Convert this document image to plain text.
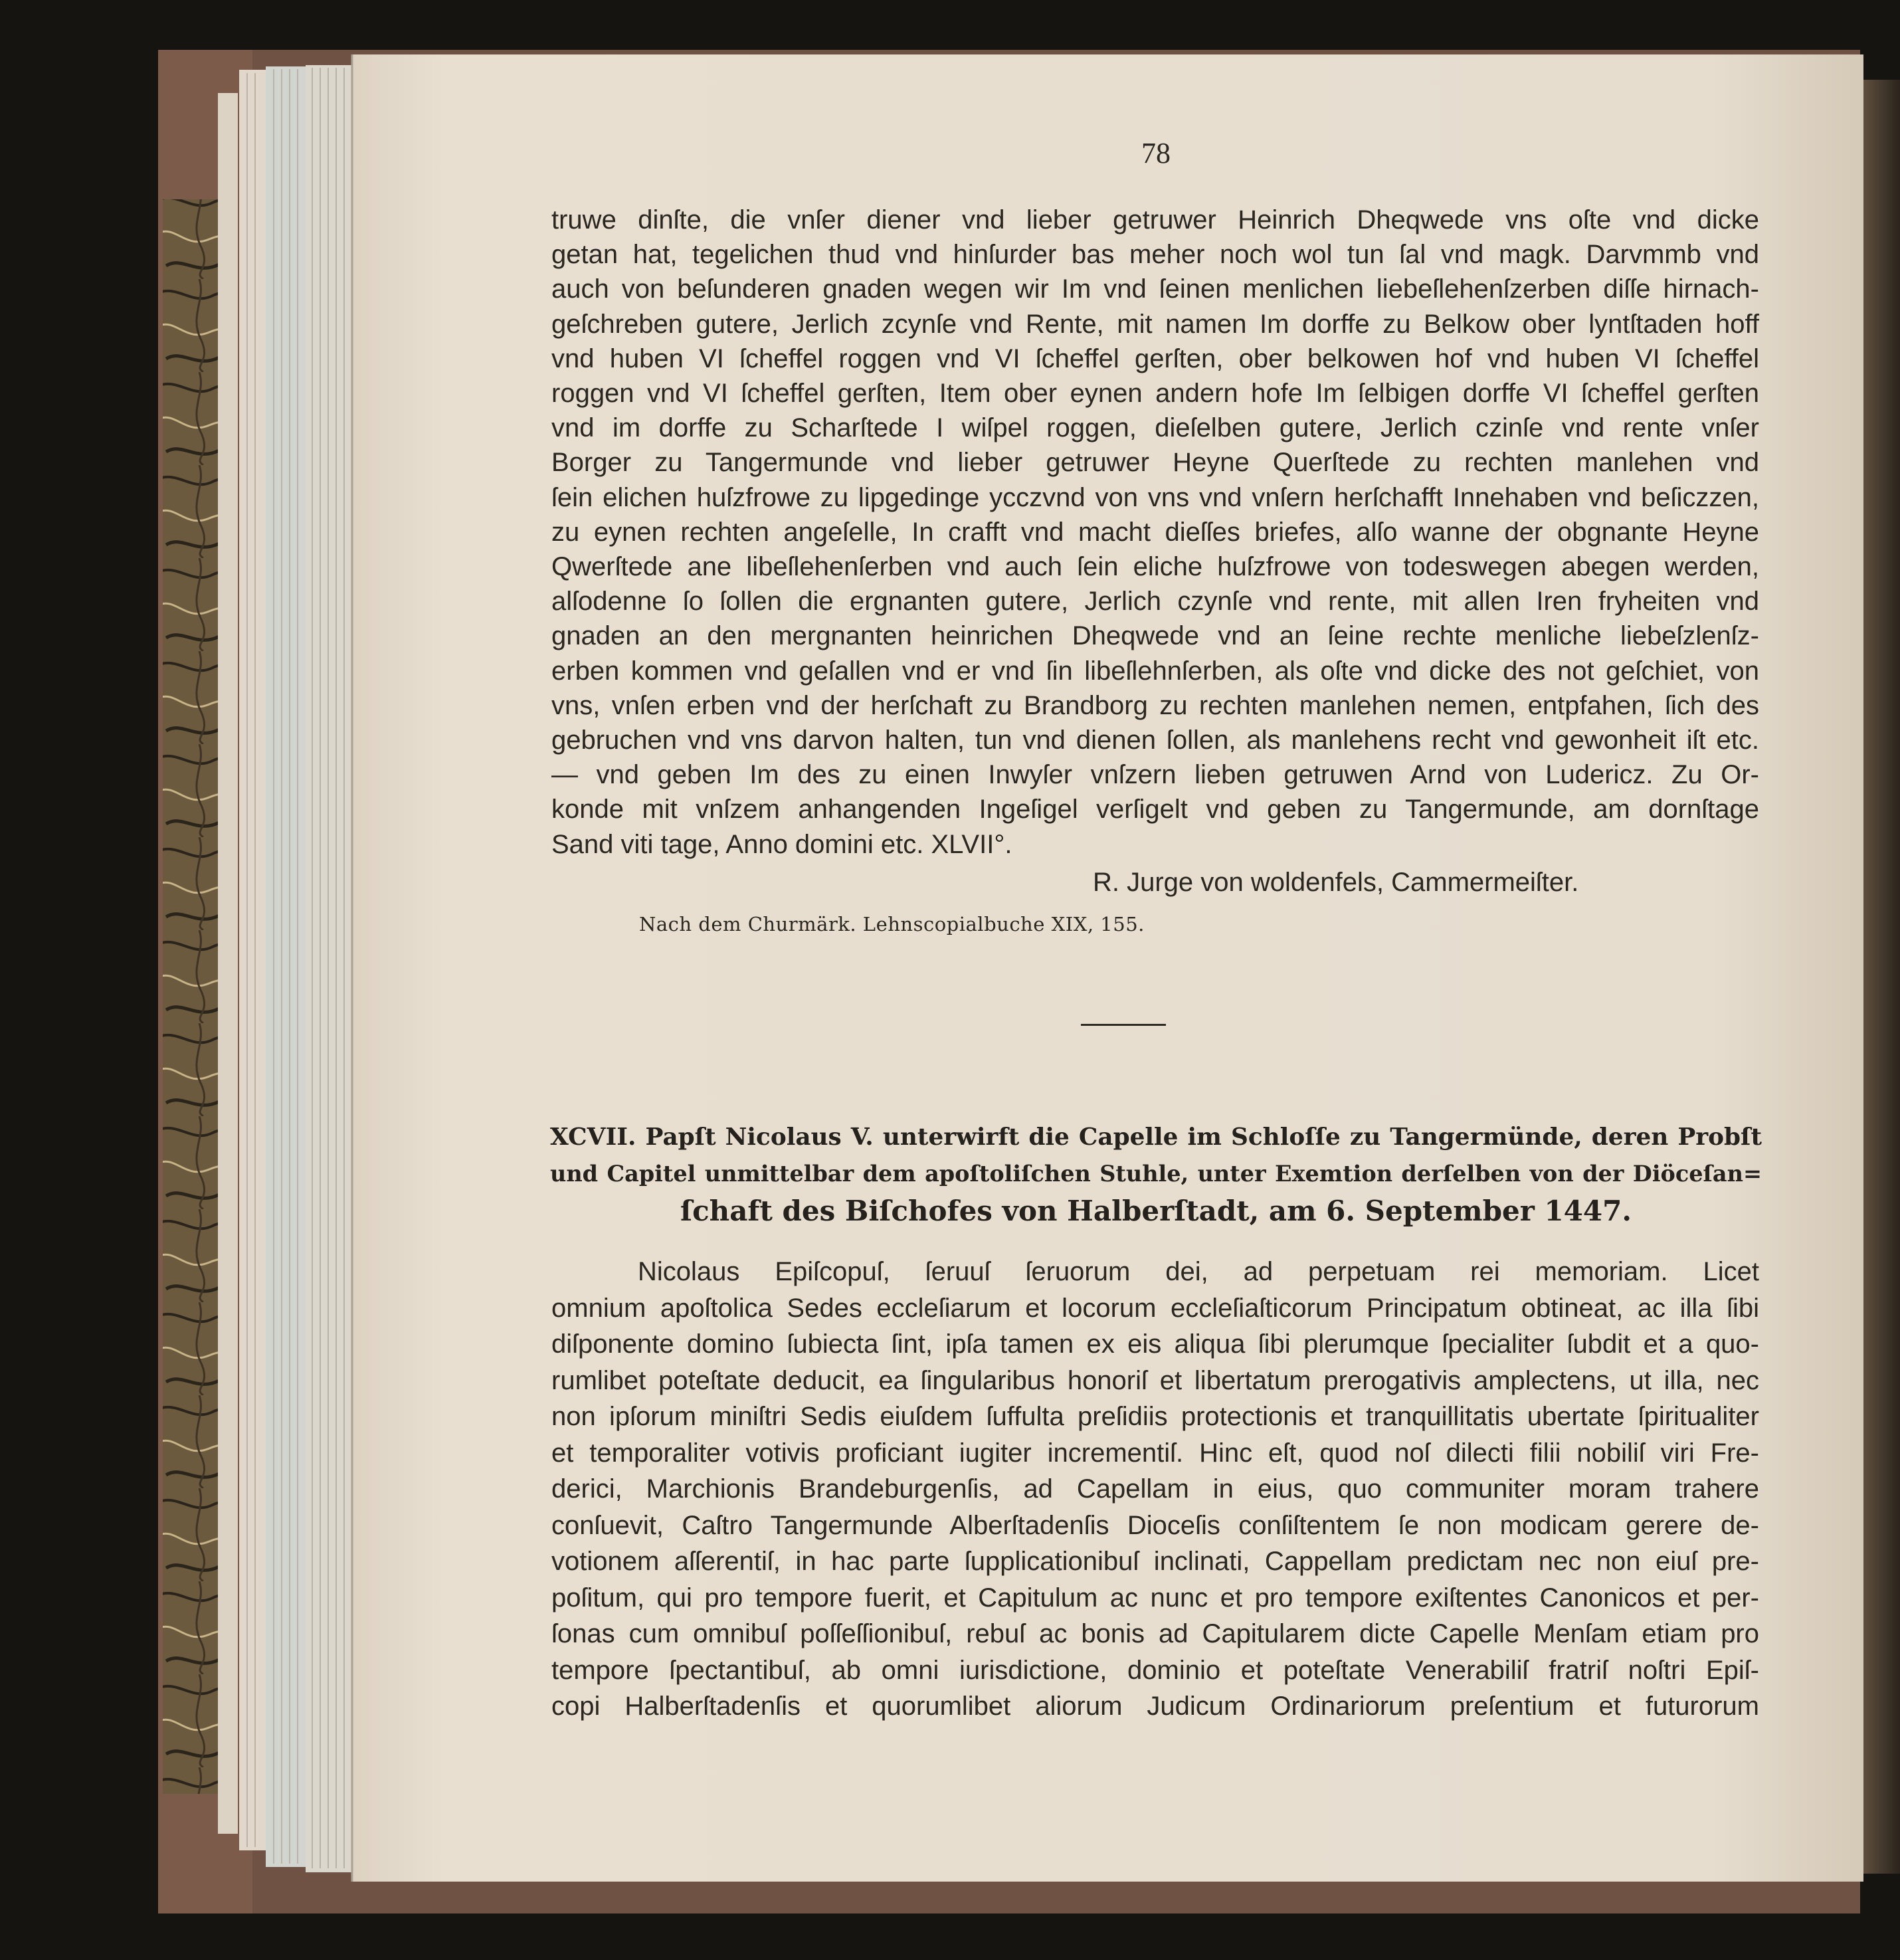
78
truwe dinſte, die vnſer diener vnd lieber getruwer Heinrich Dheqwede vns oſte vnd dicke
getan hat, tegelichen thud vnd hinſurder bas meher noch wol tun ſal vnd magk. Darvmmb vnd
auch von beſunderen gnaden wegen wir Im vnd ſeinen menlichen liebeſlehenſzerben diſſe hirnach-
geſchreben gutere, Jerlich zcynſe vnd Rente, mit namen Im dorffe zu Belkow ober lyntſtaden hoff
vnd huben VI ſcheffel roggen vnd VI ſcheffel gerſten, ober belkowen hof vnd huben VI ſcheffel
roggen vnd VI ſcheffel gerſten, Item ober eynen andern hofe Im ſelbigen dorffe VI ſcheffel gerſten
vnd im dorffe zu Scharſtede I wiſpel roggen, dieſelben gutere, Jerlich czinſe vnd rente vnſer
Borger zu Tangermunde vnd lieber getruwer Heyne Querſtede zu rechten manlehen vnd
ſein elichen huſzfrowe zu lipgedinge ycczvnd von vns vnd vnſern herſchafft Innehaben vnd beſiczzen,
zu eynen rechten angeſelle, In crafft vnd macht dieſſes briefes, alſo wanne der obgnante Heyne
Qwerſtede ane libeſlehenſerben vnd auch ſein eliche huſzfrowe von todeswegen abegen werden,
alſodenne ſo ſollen die ergnanten gutere, Jerlich czynſe vnd rente, mit allen Iren fryheiten vnd
gnaden an den mergnanten heinrichen Dheqwede vnd an ſeine rechte menliche liebeſzlenſz-
erben kommen vnd geſallen vnd er vnd ſin libeſlehnſerben, als oſte vnd dicke des not geſchiet, von
vns, vnſen erben vnd der herſchaft zu Brandborg zu rechten manlehen nemen, entpfahen, ſich des
gebruchen vnd vns darvon halten, tun vnd dienen ſollen, als manlehens recht vnd gewonheit iſt etc.
— vnd geben Im des zu einen Inwyſer vnſzern lieben getruwen Arnd von Ludericz. Zu Or-
konde mit vnſzem anhangenden Ingeſigel verſigelt vnd geben zu Tangermunde, am dornſtage
Sand viti tage, Anno domini etc. XLVII°.
R. Jurge von woldenfels, Cammermeiſter.
Nach dem Churmärk. Lehnscopialbuche XIX, 155.
XCVII. Papſt Nicolaus V. unterwirft die Capelle im Schloſſe zu Tangermünde, deren Probſt
und Capitel unmittelbar dem apoſtoliſchen Stuhle, unter Exemtion derſelben von der Diöceſan=
ſchaft des Biſchofes von Halberſtadt, am 6. September 1447.
Nicolaus Epiſcopuſ, ſeruuſ ſeruorum dei, ad perpetuam rei memoriam. Licet
omnium apoſtolica Sedes eccleſiarum et locorum eccleſiaſticorum Principatum obtineat, ac illa ſibi
diſponente domino ſubiecta ſint, ipſa tamen ex eis aliqua ſibi plerumque ſpecialiter ſubdit et a quo-
rumlibet poteſtate deducit, ea ſingularibus honoriſ et libertatum prerogativis amplectens, ut illa, nec
non ipſorum miniſtri Sedis eiuſdem ſuffulta preſidiis protectionis et tranquillitatis ubertate ſpiritualiter
et temporaliter votivis proficiant iugiter incrementiſ. Hinc eſt, quod noſ dilecti filii nobiliſ viri Fre-
derici, Marchionis Brandeburgenſis, ad Capellam in eius, quo communiter moram trahere
conſuevit, Caſtro Tangermunde Alberſtadenſis Dioceſis conſiſtentem ſe non modicam gerere de-
votionem aſſerentiſ, in hac parte ſupplicationibuſ inclinati, Cappellam predictam nec non eiuſ pre-
poſitum, qui pro tempore fuerit, et Capitulum ac nunc et pro tempore exiſtentes Canonicos et per-
ſonas cum omnibuſ poſſeſſionibuſ, rebuſ ac bonis ad Capitularem dicte Capelle Menſam etiam pro
tempore ſpectantibuſ, ab omni iurisdictione, dominio et poteſtate Venerabiliſ fratriſ noſtri Epiſ-
copi Halberſtadenſis et quorumlibet aliorum Judicum Ordinariorum preſentium et futurorum
